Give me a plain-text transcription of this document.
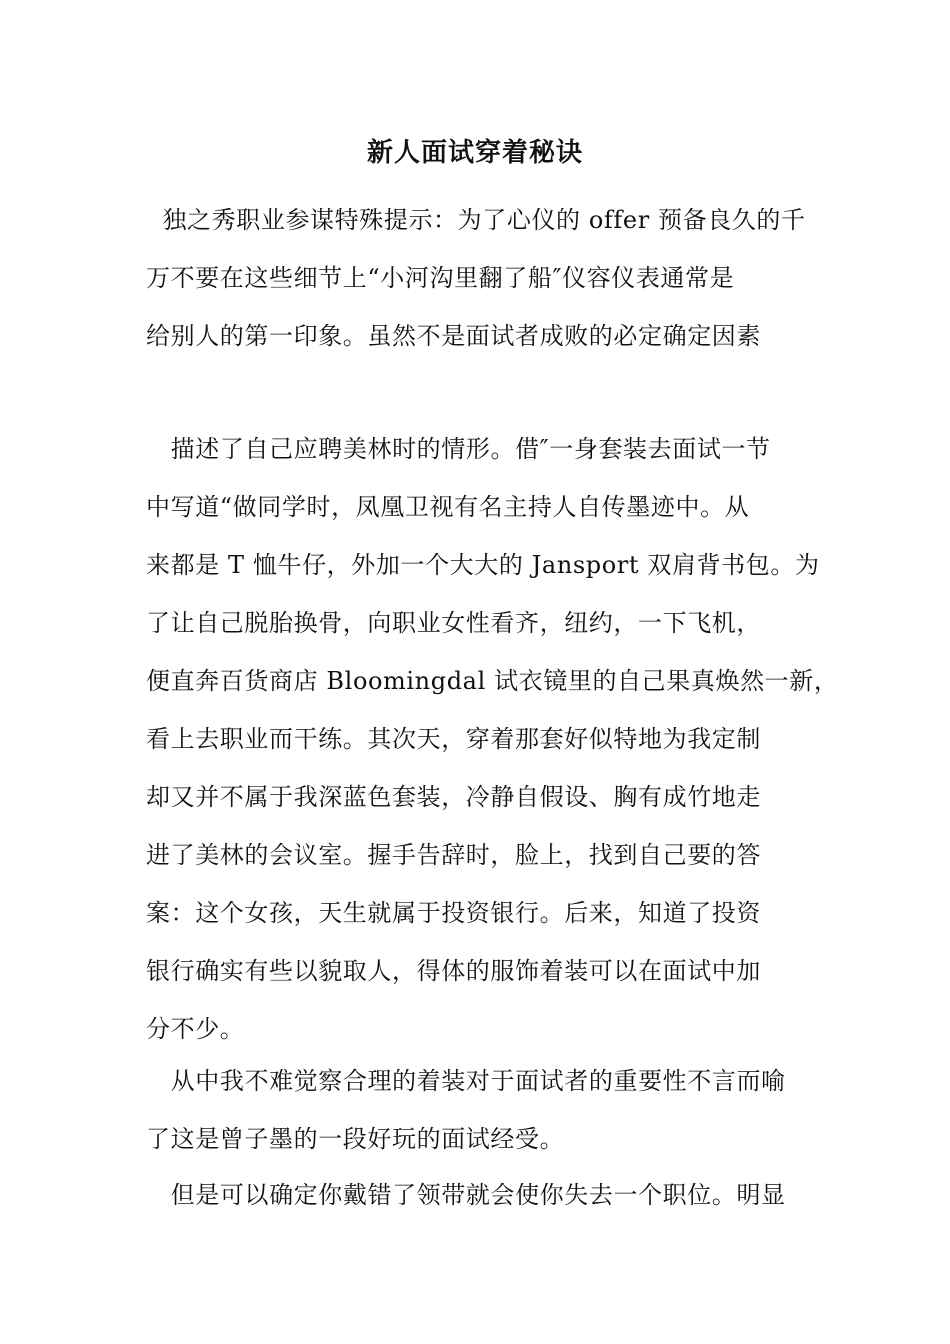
新人面试穿着秘诀
独之秀职业参谋特殊提示：为了心仪的 offer 预备良久的千
万不要在这些细节上“小河沟里翻了船″仪容仪表通常是
给别人的第一印象。虽然不是面试者成败的必定确定因素
描述了自己应聘美林时的情形。借″一身套装去面试一节
中写道“做同学时，凤凰卫视有名主持人自传墨迹中。从
来都是 T 恤牛仔，外加一个大大的 Jansport 双肩背书包。为
了让自己脱胎换骨，向职业女性看齐，纽约，一下飞机，
便直奔百货商店 Bloomingdal 试衣镜里的自己果真焕然一新，
看上去职业而干练。其次天，穿着那套好似特地为我定制
却又并不属于我深蓝色套装，冷静自假设、胸有成竹地走
进了美林的会议室。握手告辞时，脸上，找到自己要的答
案：这个女孩，天生就属于投资银行。后来，知道了投资
银行确实有些以貌取人，得体的服饰着装可以在面试中加
分不少。
从中我不难觉察合理的着装对于面试者的重要性不言而喻
了这是曾子墨的一段好玩的面试经受。
但是可以确定你戴错了领带就会使你失去一个职位。明显
